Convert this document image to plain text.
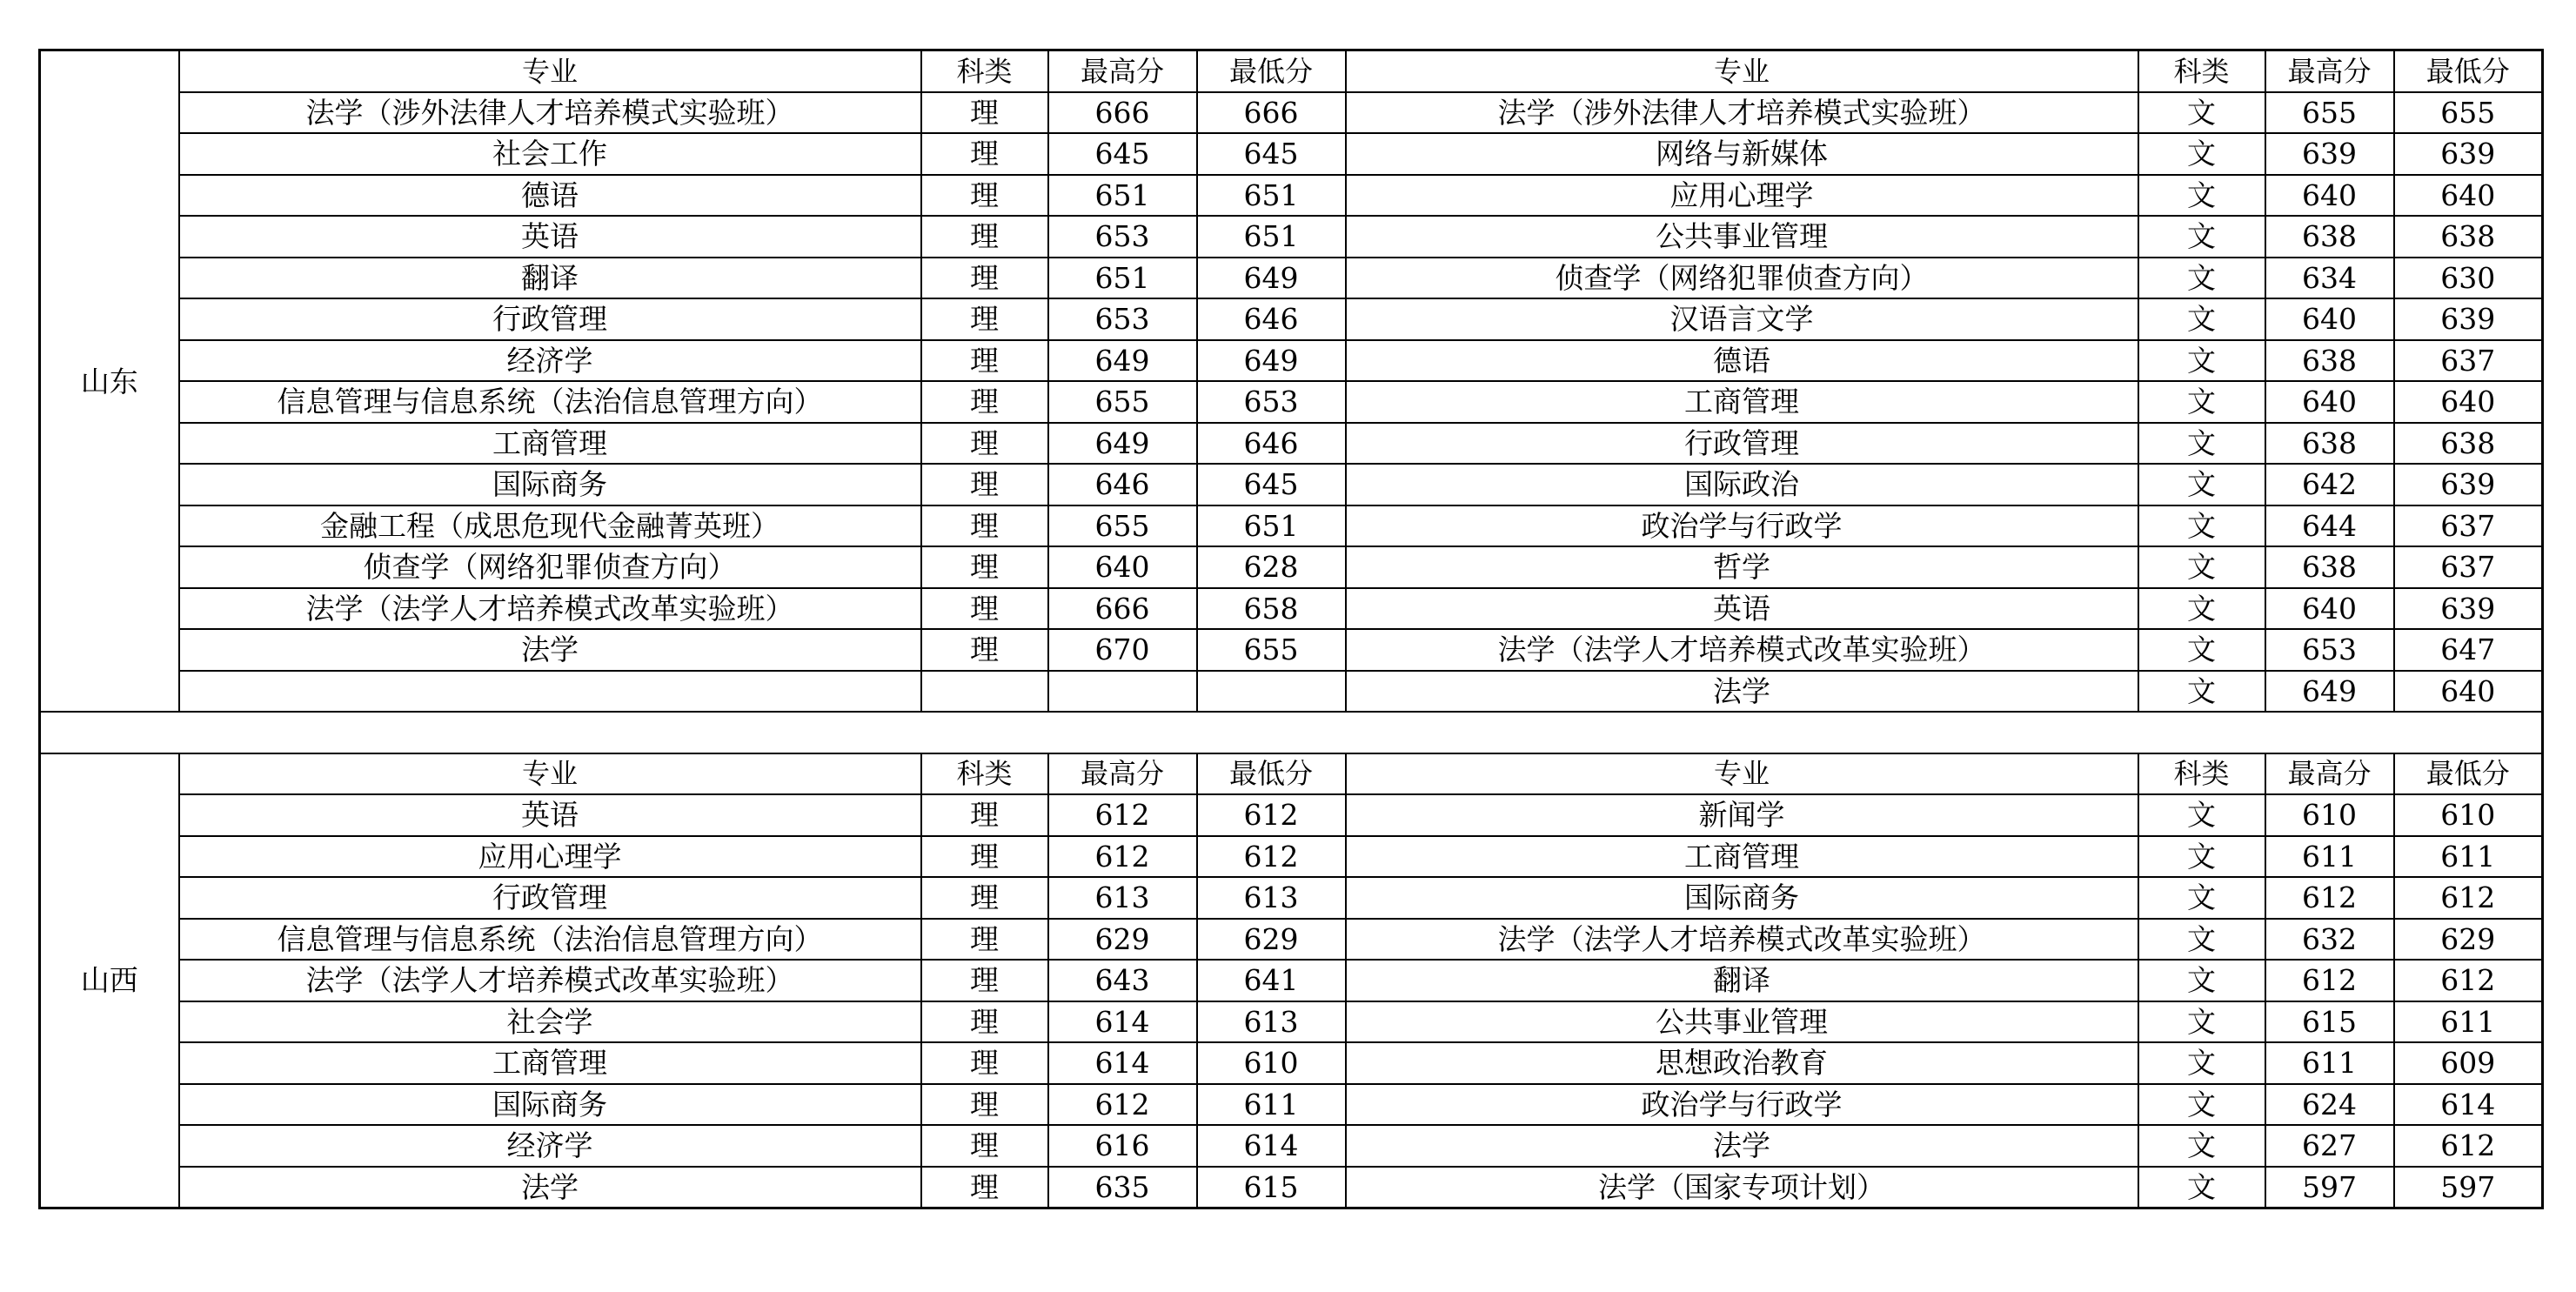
山东	专业	科类	最高分	最低分	专业	科类	最高分	最低分
	法学（涉外法律人才培养模式实验班）	理	666	666	法学（涉外法律人才培养模式实验班）	文	655	655
	社会工作	理	645	645	网络与新媒体	文	639	639
	德语	理	651	651	应用心理学	文	640	640
	英语	理	653	651	公共事业管理	文	638	638
	翻译	理	651	649	侦查学（网络犯罪侦查方向）	文	634	630
	行政管理	理	653	646	汉语言文学	文	640	639
	经济学	理	649	649	德语	文	638	637
	信息管理与信息系统（法治信息管理方向）	理	655	653	工商管理	文	640	640
	工商管理	理	649	646	行政管理	文	638	638
	国际商务	理	646	645	国际政治	文	642	639
	金融工程（成思危现代金融菁英班）	理	655	651	政治学与行政学	文	644	637
	侦查学（网络犯罪侦查方向）	理	640	628	哲学	文	638	637
	法学（法学人才培养模式改革实验班）	理	666	658	英语	文	640	639
	法学	理	670	655	法学（法学人才培养模式改革实验班）	文	653	647
					法学	文	649	640

山西	专业	科类	最高分	最低分	专业	科类	最高分	最低分
	英语	理	612	612	新闻学	文	610	610
	应用心理学	理	612	612	工商管理	文	611	611
	行政管理	理	613	613	国际商务	文	612	612
	信息管理与信息系统（法治信息管理方向）	理	629	629	法学（法学人才培养模式改革实验班）	文	632	629
	法学（法学人才培养模式改革实验班）	理	643	641	翻译	文	612	612
	社会学	理	614	613	公共事业管理	文	615	611
	工商管理	理	614	610	思想政治教育	文	611	609
	国际商务	理	612	611	政治学与行政学	文	624	614
	经济学	理	616	614	法学	文	627	612
	法学	理	635	615	法学（国家专项计划）	文	597	597
